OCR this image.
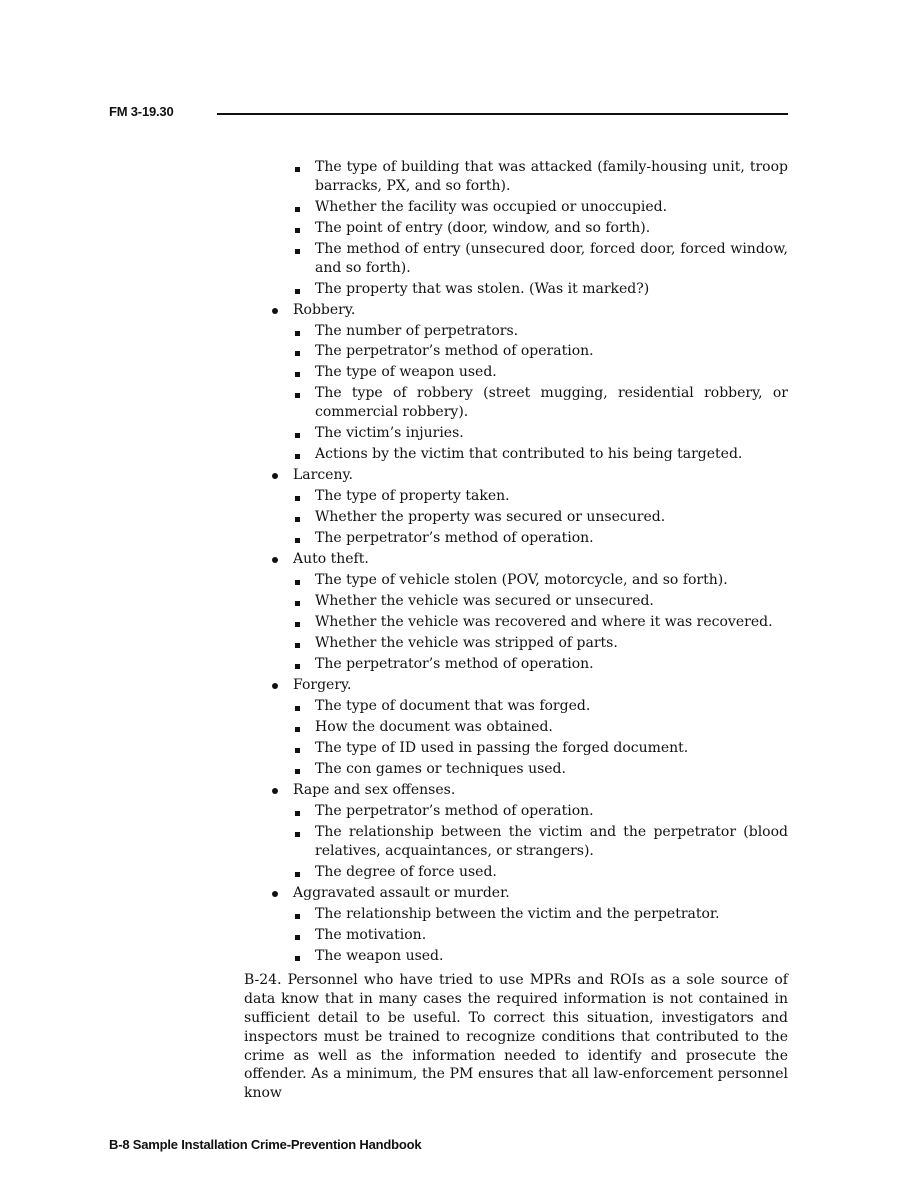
FM 3-19.30
The type of building that was attacked (family-housing unit, troop barracks, PX, and so forth).
Whether the facility was occupied or unoccupied.
The point of entry (door, window, and so forth).
The method of entry (unsecured door, forced door, forced window, and so forth).
The property that was stolen. (Was it marked?)
Robbery.
The number of perpetrators.
The perpetrator’s method of operation.
The type of weapon used.
The type of robbery (street mugging, residential robbery, or commercial robbery).
The victim’s injuries.
Actions by the victim that contributed to his being targeted.
Larceny.
The type of property taken.
Whether the property was secured or unsecured.
The perpetrator’s method of operation.
Auto theft.
The type of vehicle stolen (POV, motorcycle, and so forth).
Whether the vehicle was secured or unsecured.
Whether the vehicle was recovered and where it was recovered.
Whether the vehicle was stripped of parts.
The perpetrator’s method of operation.
Forgery.
The type of document that was forged.
How the document was obtained.
The type of ID used in passing the forged document.
The con games or techniques used.
Rape and sex offenses.
The perpetrator’s method of operation.
The relationship between the victim and the perpetrator (blood relatives, acquaintances, or strangers).
The degree of force used.
Aggravated assault or murder.
The relationship between the victim and the perpetrator.
The motivation.
The weapon used.

B-24. Personnel who have tried to use MPRs and ROIs as a sole source of data know that in many cases the required information is not contained in sufficient detail to be useful. To correct this situation, investigators and inspectors must be trained to recognize conditions that contributed to the crime as well as the information needed to identify and prosecute the offender. As a minimum, the PM ensures that all law-enforcement personnel know

B-8 Sample Installation Crime-Prevention Handbook
